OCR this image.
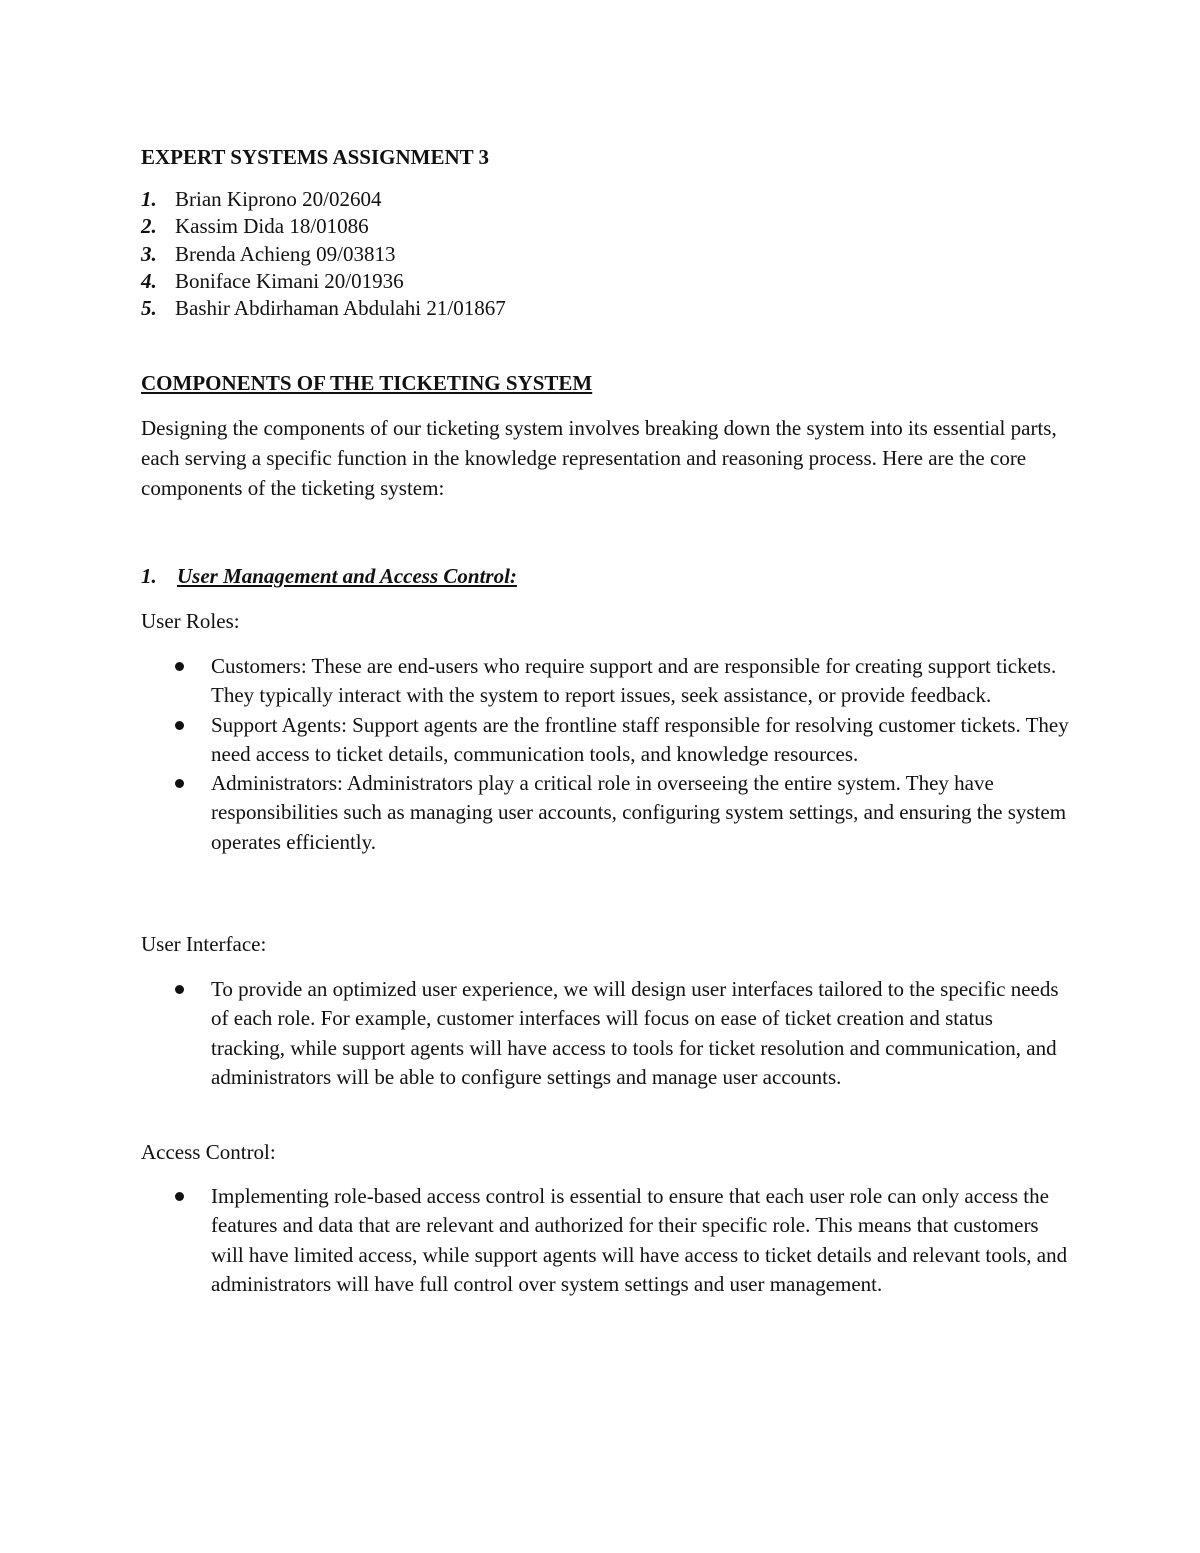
EXPERT SYSTEMS ASSIGNMENT 3
1. Brian Kiprono 20/02604
2. Kassim Dida 18/01086
3. Brenda Achieng 09/03813
4. Boniface Kimani 20/01936
5. Bashir Abdirhaman Abdulahi 21/01867
COMPONENTS OF THE TICKETING SYSTEM

Designing the components of our ticketing system involves breaking down the system into its essential parts, each serving a specific function in the knowledge representation and reasoning process. Here are the core components of the ticketing system:

1. User Management and Access Control:

User Roles:

Customers: These are end-users who require support and are responsible for creating support tickets. They typically interact with the system to report issues, seek assistance, or provide feedback.
Support Agents: Support agents are the frontline staff responsible for resolving customer tickets. They need access to ticket details, communication tools, and knowledge resources.
Administrators: Administrators play a critical role in overseeing the entire system. They have responsibilities such as managing user accounts, configuring system settings, and ensuring the system operates efficiently.

User Interface:

To provide an optimized user experience, we will design user interfaces tailored to the specific needs of each role. For example, customer interfaces will focus on ease of ticket creation and status tracking, while support agents will have access to tools for ticket resolution and communication, and administrators will be able to configure settings and manage user accounts.

Access Control:

Implementing role-based access control is essential to ensure that each user role can only access the features and data that are relevant and authorized for their specific role. This means that customers will have limited access, while support agents will have access to ticket details and relevant tools, and administrators will have full control over system settings and user management.
